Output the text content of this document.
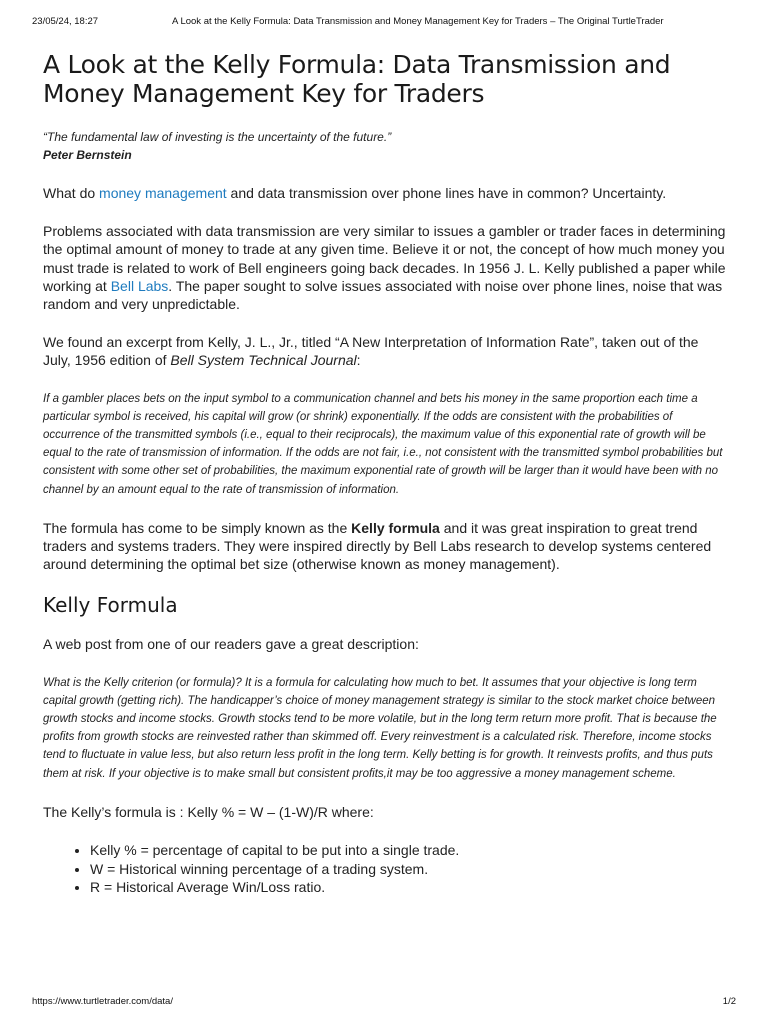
23/05/24, 18:27	A Look at the Kelly Formula: Data Transmission and Money Management Key for Traders – The Original TurtleTrader
A Look at the Kelly Formula: Data Transmission and Money Management Key for Traders
“The fundamental law of investing is the uncertainty of the future.”
Peter Bernstein

What do money management and data transmission over phone lines have in common? Uncertainty.

Problems associated with data transmission are very similar to issues a gambler or trader faces in determining the optimal amount of money to trade at any given time. Believe it or not, the concept of how much money you must trade is related to work of Bell engineers going back decades. In 1956 J. L. Kelly published a paper while working at Bell Labs. The paper sought to solve issues associated with noise over phone lines, noise that was random and very unpredictable.

We found an excerpt from Kelly, J. L., Jr., titled “A New Interpretation of Information Rate”, taken out of the July, 1956 edition of Bell System Technical Journal:

If a gambler places bets on the input symbol to a communication channel and bets his money in the same proportion each time a particular symbol is received, his capital will grow (or shrink) exponentially. If the odds are consistent with the probabilities of occurrence of the transmitted symbols (i.e., equal to their reciprocals), the maximum value of this exponential rate of growth will be equal to the rate of transmission of information. If the odds are not fair, i.e., not consistent with the transmitted symbol probabilities but consistent with some other set of probabilities, the maximum exponential rate of growth will be larger than it would have been with no channel by an amount equal to the rate of transmission of information.

The formula has come to be simply known as the Kelly formula and it was great inspiration to great trend traders and systems traders. They were inspired directly by Bell Labs research to develop systems centered around determining the optimal bet size (otherwise known as money management).

Kelly Formula

A web post from one of our readers gave a great description:

What is the Kelly criterion (or formula)? It is a formula for calculating how much to bet. It assumes that your objective is long term capital growth (getting rich). The handicapper’s choice of money management strategy is similar to the stock market choice between growth stocks and income stocks. Growth stocks tend to be more volatile, but in the long term return more profit. That is because the profits from growth stocks are reinvested rather than skimmed off. Every reinvestment is a calculated risk. Therefore, income stocks tend to fluctuate in value less, but also return less profit in the long term. Kelly betting is for growth. It reinvests profits, and thus puts them at risk. If your objective is to make small but consistent profits,it may be too aggressive a money management scheme.

The Kelly’s formula is : Kelly % = W – (1-W)/R where:

• Kelly % = percentage of capital to be put into a single trade.
• W = Historical winning percentage of a trading system.
• R = Historical Average Win/Loss ratio.
https://www.turtletrader.com/data/	1/2
